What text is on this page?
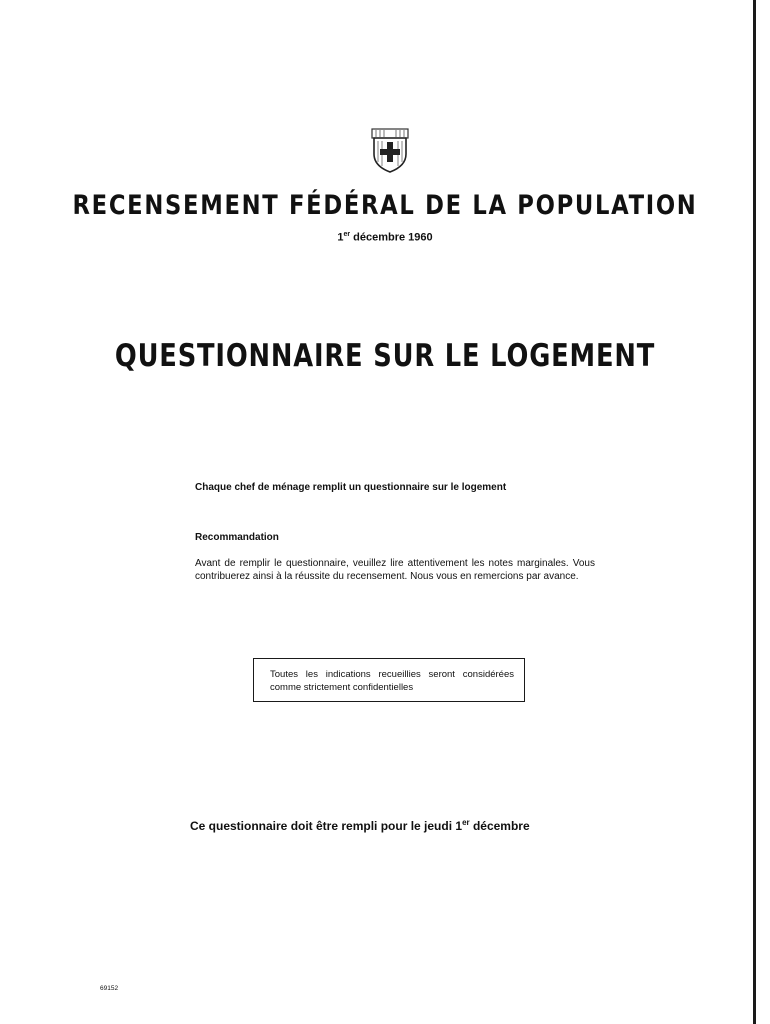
RECENSEMENT FÉDÉRAL DE LA POPULATION
1er décembre 1960
QUESTIONNAIRE SUR LE LOGEMENT
Chaque chef de ménage remplit un questionnaire sur le logement
Recommandation
Avant de remplir le questionnaire, veuillez lire attentivement les notes marginales. Vous contribuerez ainsi à la réussite du recensement. Nous vous en remercions par avance.
Toutes les indications recueillies seront considérées comme strictement confidentielles
Ce questionnaire doit être rempli pour le jeudi 1er décembre
69152
